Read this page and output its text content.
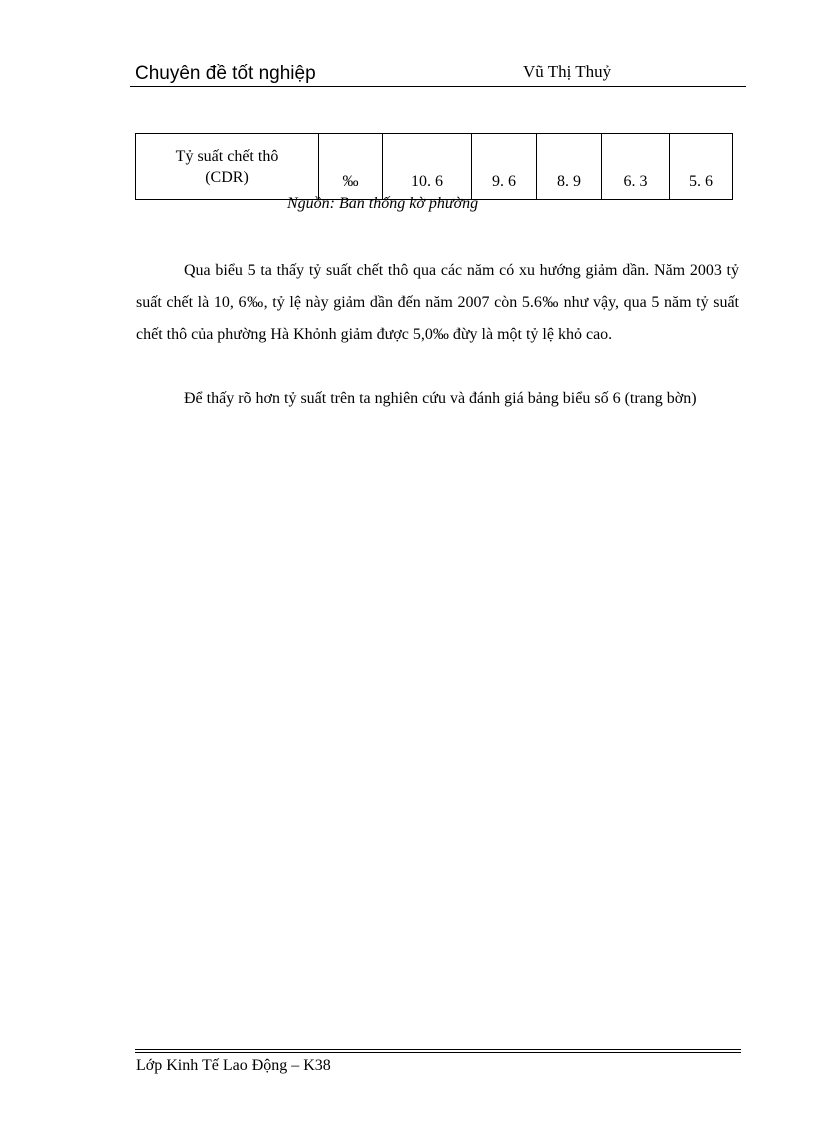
Chuyên đề tốt nghiệp	Vũ Thị Thuỷ
Tỷ suất chết thô
(CDR)	‰	10. 6	9. 6	8. 9	6. 3	5. 6
Nguồn: Ban thống kờ phường

Qua biểu 5 ta thấy tỷ suất chết thô qua các năm có xu hướng giảm dần. Năm 2003 tỷ suất chết là 10, 6‰, tỷ lệ này giảm dần đến năm 2007 còn 5.6‰ như vậy, qua 5 năm tỷ suất chết thô của phường Hà Khỏnh giảm được 5,0‰ đừy là một tỷ lệ khỏ cao.

Để thấy rõ hơn tỷ suất trên ta nghiên cứu và đánh giá bảng biểu số 6 (trang bờn)

Lớp Kinh Tế Lao Động – K38
